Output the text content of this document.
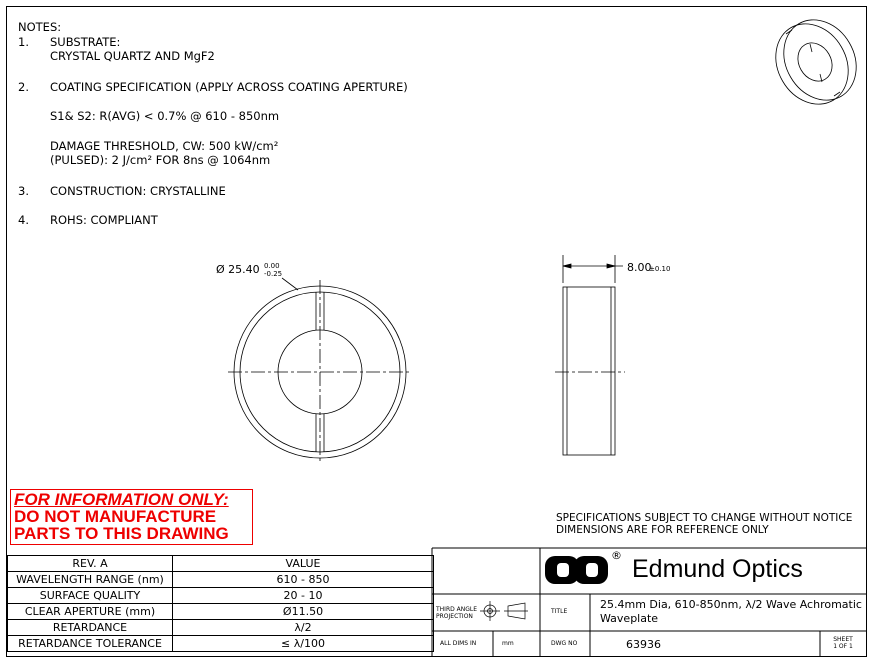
NOTES:
1. SUBSTRATE:
CRYSTAL QUARTZ AND MgF2
2. COATING SPECIFICATION (APPLY ACROSS COATING APERTURE)
S1& S2: R(AVG) < 0.7% @ 610 - 850nm
DAMAGE THRESHOLD, CW: 500 kW/cm²
(PULSED): 2 J/cm² FOR 8ns @ 1064nm
3. CONSTRUCTION: CRYSTALLINE
4. ROHS: COMPLIANT
Ø 25.40 0.00
-0.25	8.00
±0.10
FOR INFORMATION ONLY:
DO NOT MANUFACTURE
PARTS TO THIS DRAWING
SPECIFICATIONS SUBJECT TO CHANGE WITHOUT NOTICE
DIMENSIONS ARE FOR REFERENCE ONLY
REV. A	VALUE
WAVELENGTH RANGE (nm)	610 - 850
SURFACE QUALITY	20 - 10
CLEAR APERTURE (mm)	Ø11.50
RETARDANCE	λ/2
RETARDANCE TOLERANCE	≤ λ/100
Edmund Optics
®
THIRD ANGLE
PROJECTION
TITLE
25.4mm Dia, 610-850nm, λ/2 Wave Achromatic
Waveplate
ALL DIMS IN	mm	DWG NO	63936	SHEET
1 OF 1
